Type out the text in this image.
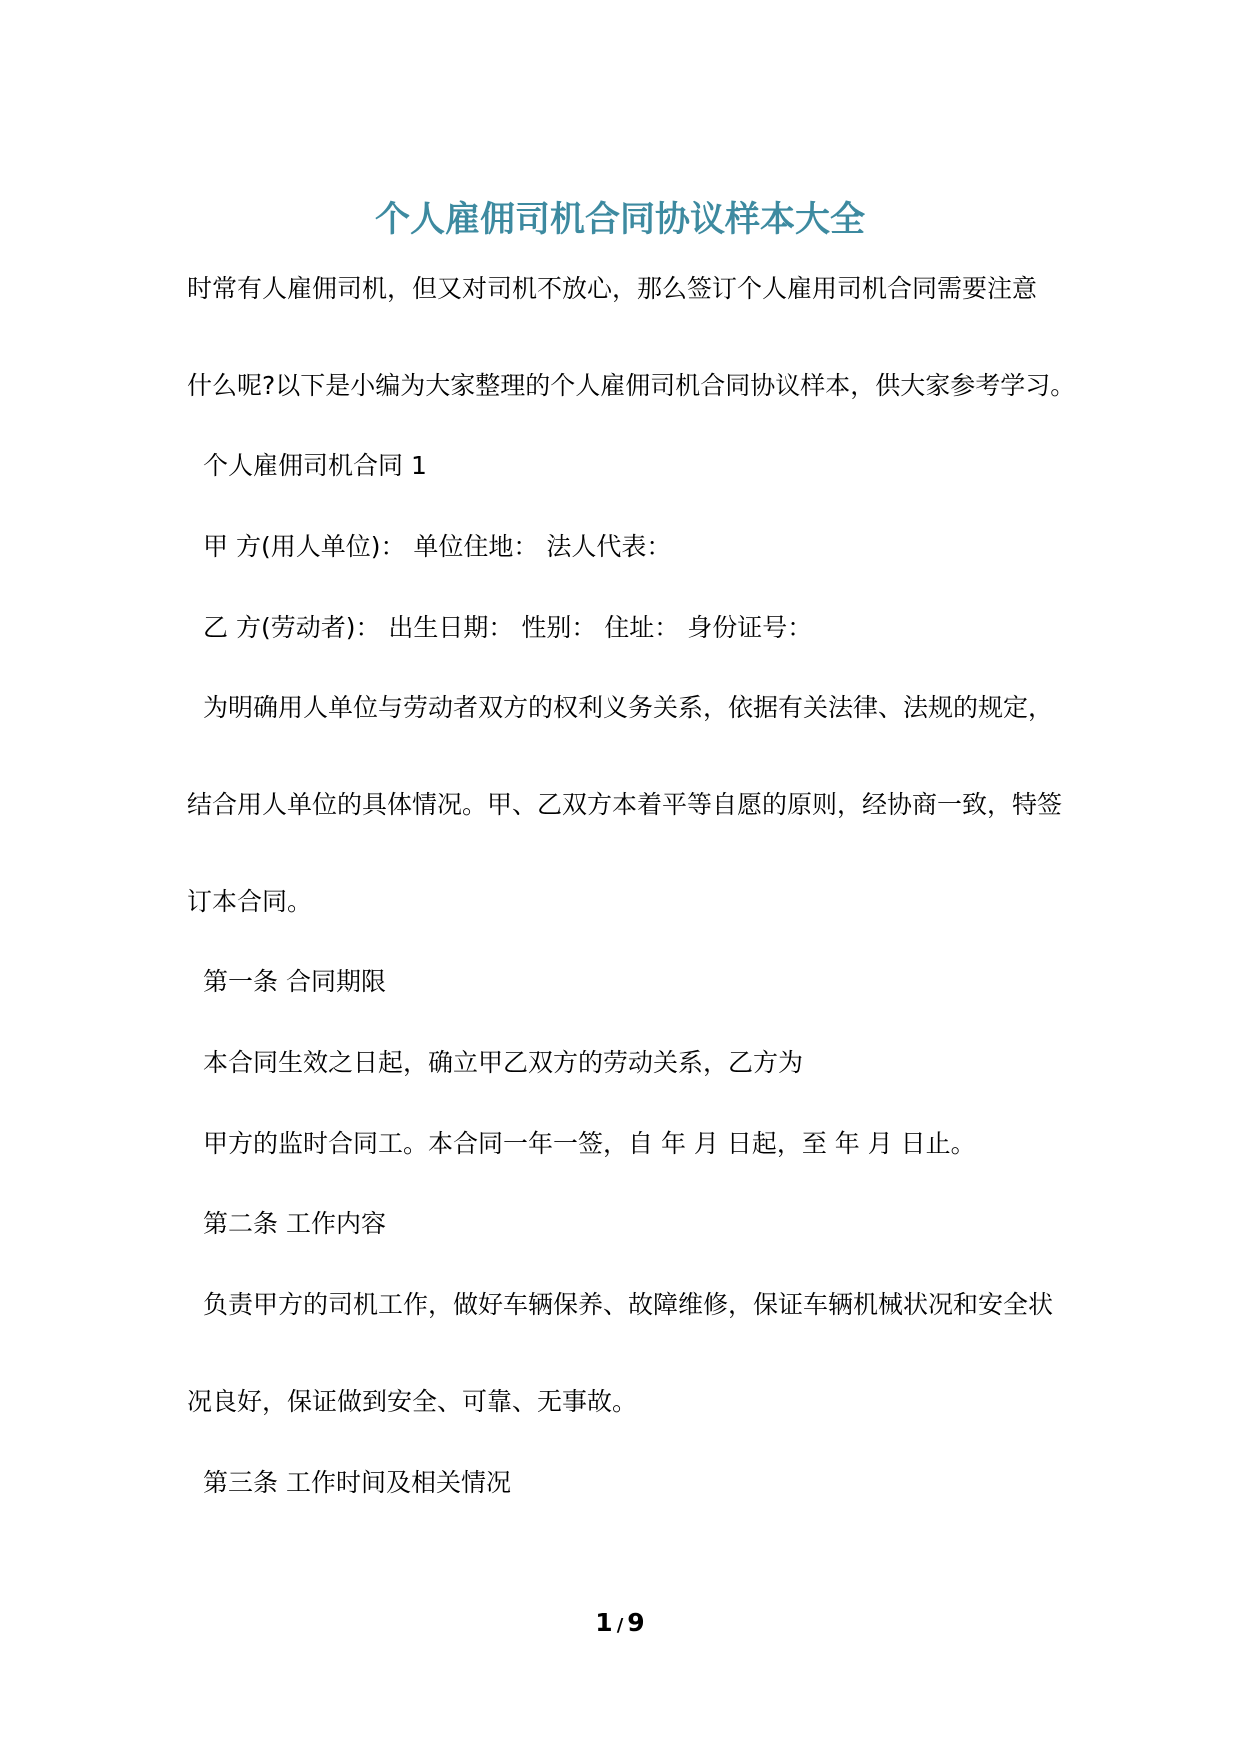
个人雇佣司机合同协议样本大全
时常有人雇佣司机，但又对司机不放心，那么签订个人雇用司机合同需要注意
什么呢?以下是小编为大家整理的个人雇佣司机合同协议样本，供大家参考学习。
个人雇佣司机合同 1
甲 方(用人单位)： 单位住地： 法人代表：
乙 方(劳动者)： 出生日期： 性别： 住址： 身份证号：
为明确用人单位与劳动者双方的权利义务关系，依据有关法律、法规的规定，
结合用人单位的具体情况。甲、乙双方本着平等自愿的原则，经协商一致，特签
订本合同。
第一条 合同期限
本合同生效之日起，确立甲乙双方的劳动关系，乙方为
甲方的监时合同工。本合同一年一签，自 年 月 日起，至 年 月 日止。
第二条 工作内容
负责甲方的司机工作，做好车辆保养、故障维修，保证车辆机械状况和安全状
况良好，保证做到安全、可靠、无事故。
第三条 工作时间及相关情况
1 / 9
